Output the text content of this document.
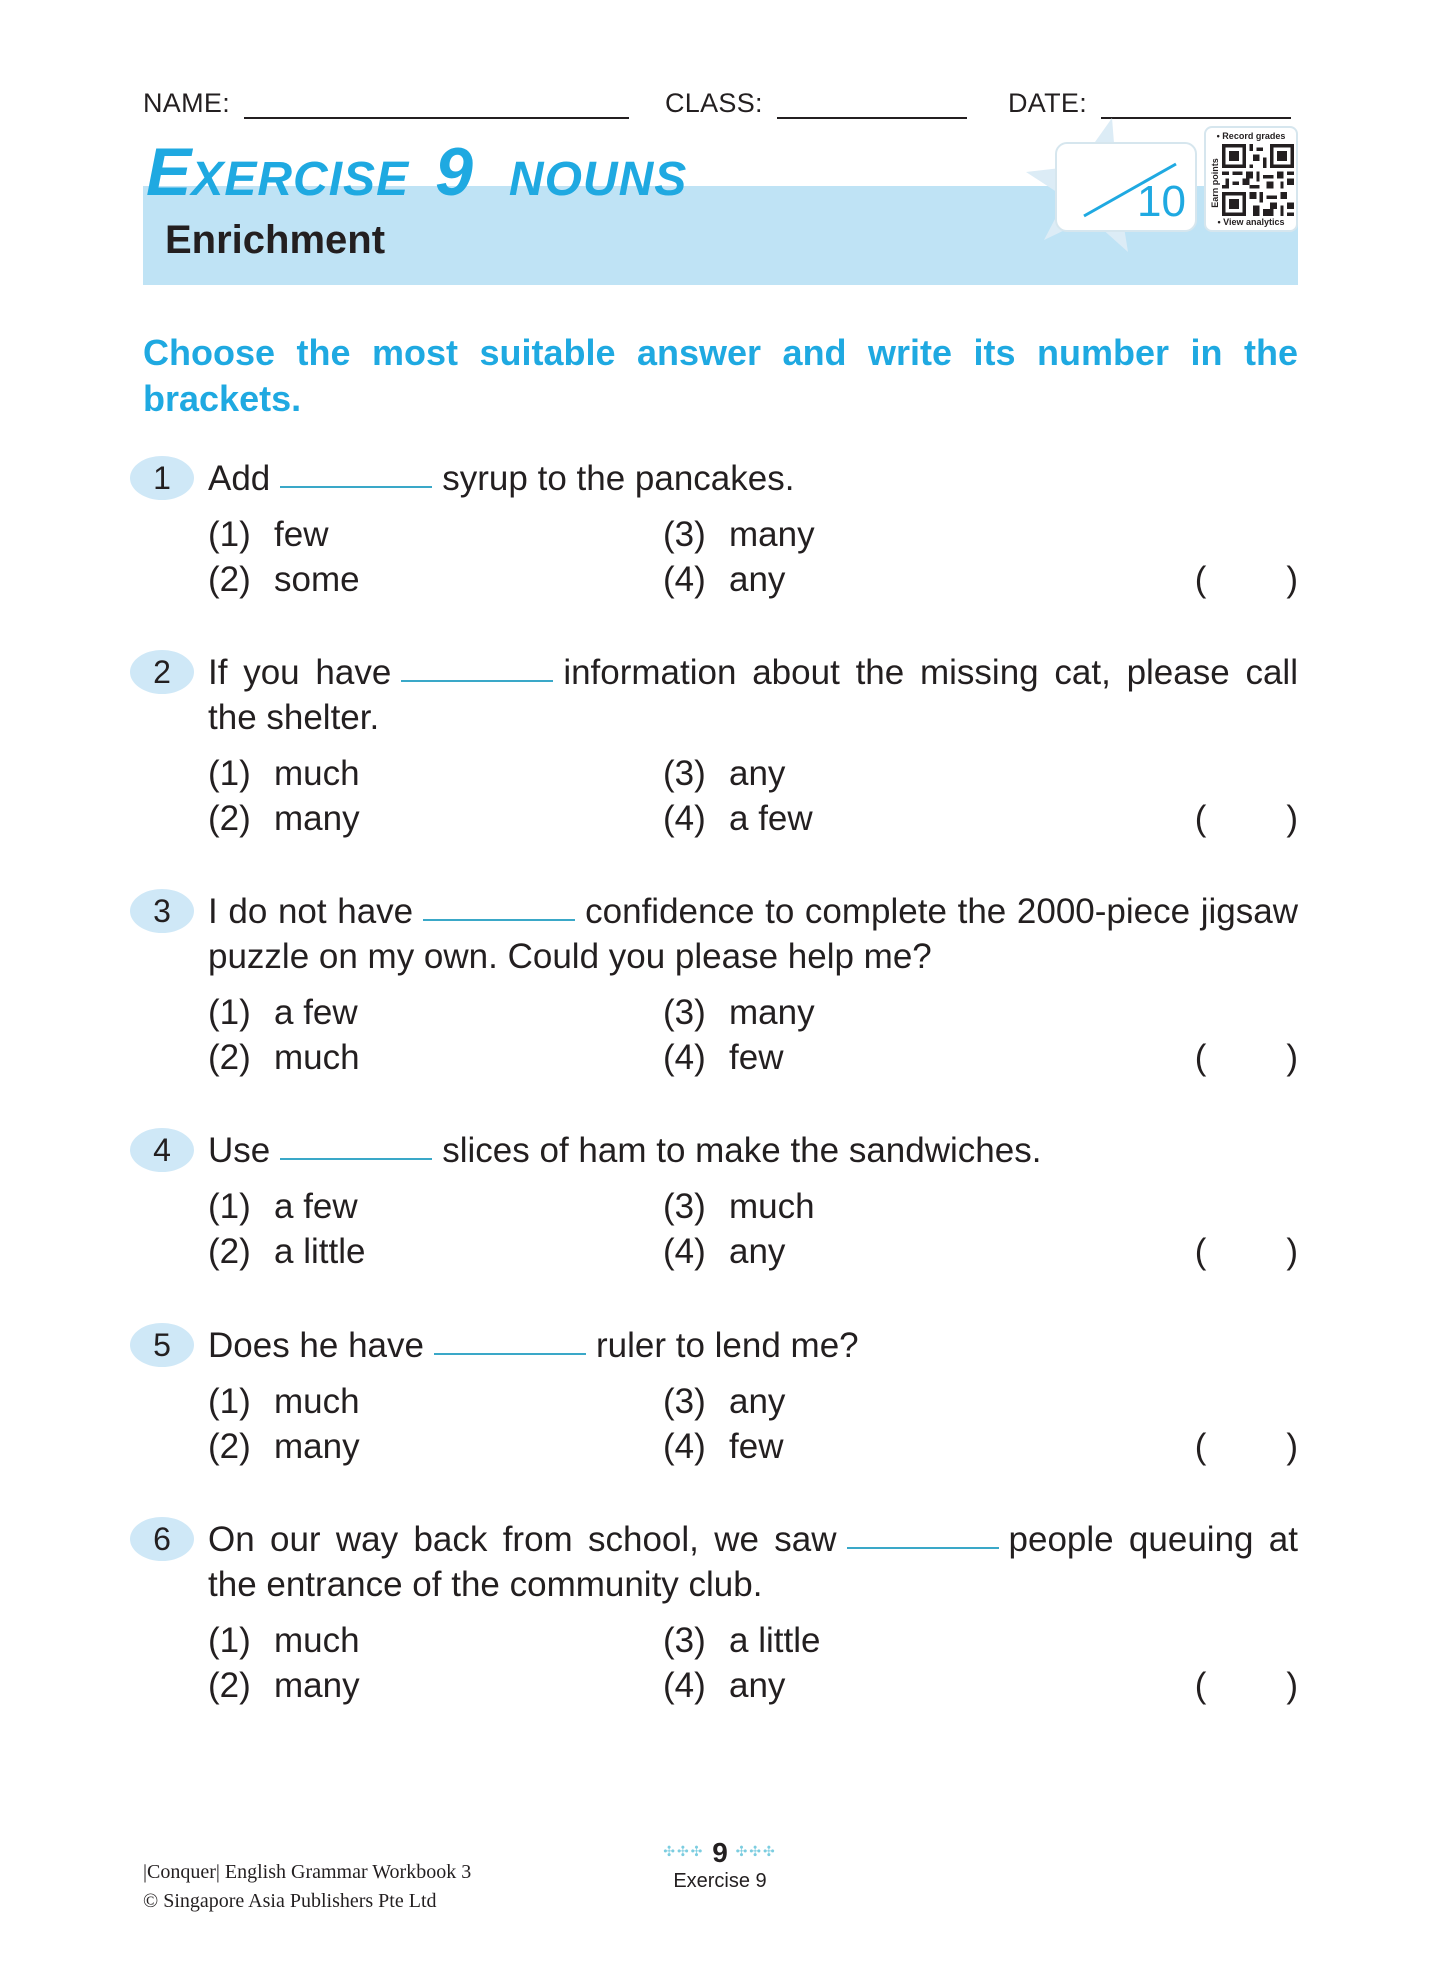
NAME:	CLASS:	DATE:
EXERCISE 9 NOUNS
Enrichment
10
• Record grades
Earn points
• View analytics
Choose the most suitable answer and write its number in the brackets.
1	Add	syrup to the pancakes.
(1) few
(2) some
(3) many
(4) any	( )
2	If you have	information about the missing cat, please call the shelter.
(1) much
(2) many
(3) any
(4) a few	( )
3	I do not have	confidence to complete the 2000-piece jigsaw puzzle on my own. Could you please help me?
(1) a few
(2) much
(3) many
(4) few	( )
4	Use	slices of ham to make the sandwiches.
(1) a few
(2) a little
(3) much
(4) any	( )
5	Does he have	ruler to lend me?
(1) much
(2) many
(3) any
(4) few	( )
6	On our way back from school, we saw	people queuing at the entrance of the community club.
(1) much
(2) many
(3) a little
(4) any	( )
|Conquer| English Grammar Workbook 3
© Singapore Asia Publishers Pte Ltd
✣✣✣ 9 ✣✣✣
Exercise 9
